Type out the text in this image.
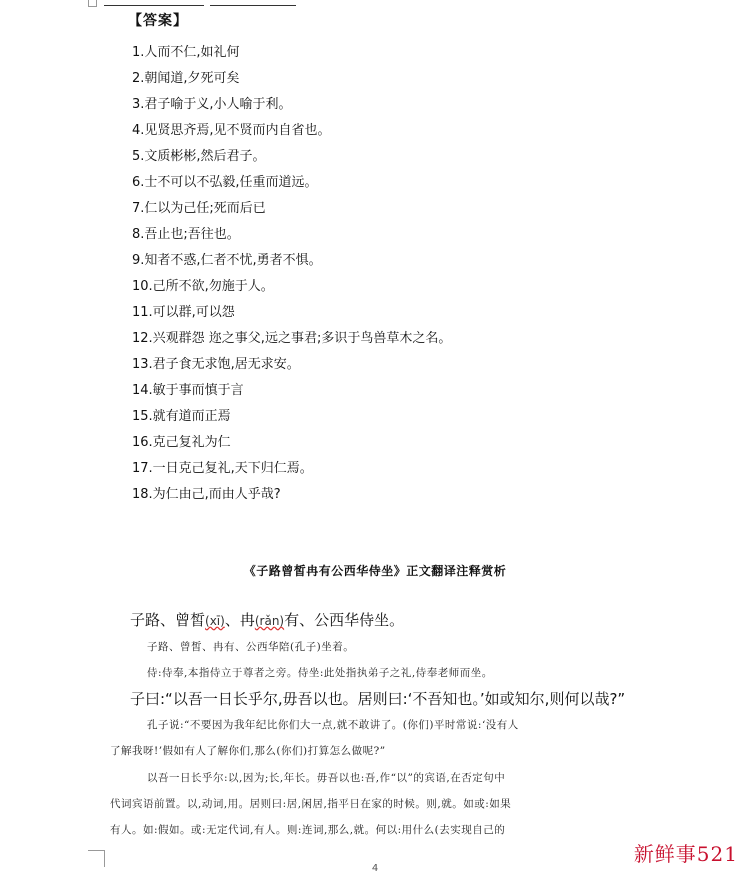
【答案】
1.人而不仁,如礼何
2.朝闻道,夕死可矣
3.君子喻于义,小人喻于利。
4.见贤思齐焉,见不贤而内自省也。
5.文质彬彬,然后君子。
6.士不可以不弘毅,任重而道远。
7.仁以为己任;死而后已
8.吾止也;吾往也。
9.知者不惑,仁者不忧,勇者不惧。
10.己所不欲,勿施于人。
11.可以群,可以怨
12.兴观群怨 迩之事父,远之事君;多识于鸟兽草木之名。
13.君子食无求饱,居无求安。
14.敏于事而慎于言
15.就有道而正焉
16.克己复礼为仁
17.一日克己复礼,天下归仁焉。
18.为仁由己,而由人乎哉?
《子路曾皙冉有公西华侍坐》正文翻译注释赏析
子路、曾皙(xī)、冉(rǎn)有、公西华侍坐。
子路、曾皙、冉有、公西华陪(孔子)坐着。
侍:侍奉,本指侍立于尊者之旁。侍坐:此处指执弟子之礼,侍奉老师而坐。
子曰:“以吾一日长乎尔,毋吾以也。居则曰:‘不吾知也。’如或知尔,则何以哉?”
孔子说:“不要因为我年纪比你们大一点,就不敢讲了。(你们)平时常说:‘没有人
了解我呀!’假如有人了解你们,那么(你们)打算怎么做呢?”
以吾一日长乎尔:以,因为;长,年长。毋吾以也:吾,作“以”的宾语,在否定句中
代词宾语前置。以,动词,用。居则曰:居,闲居,指平日在家的时候。则,就。如或:如果
有人。如:假如。或:无定代词,有人。则:连词,那么,就。何以:用什么(去实现自己的
4
新鲜事521
